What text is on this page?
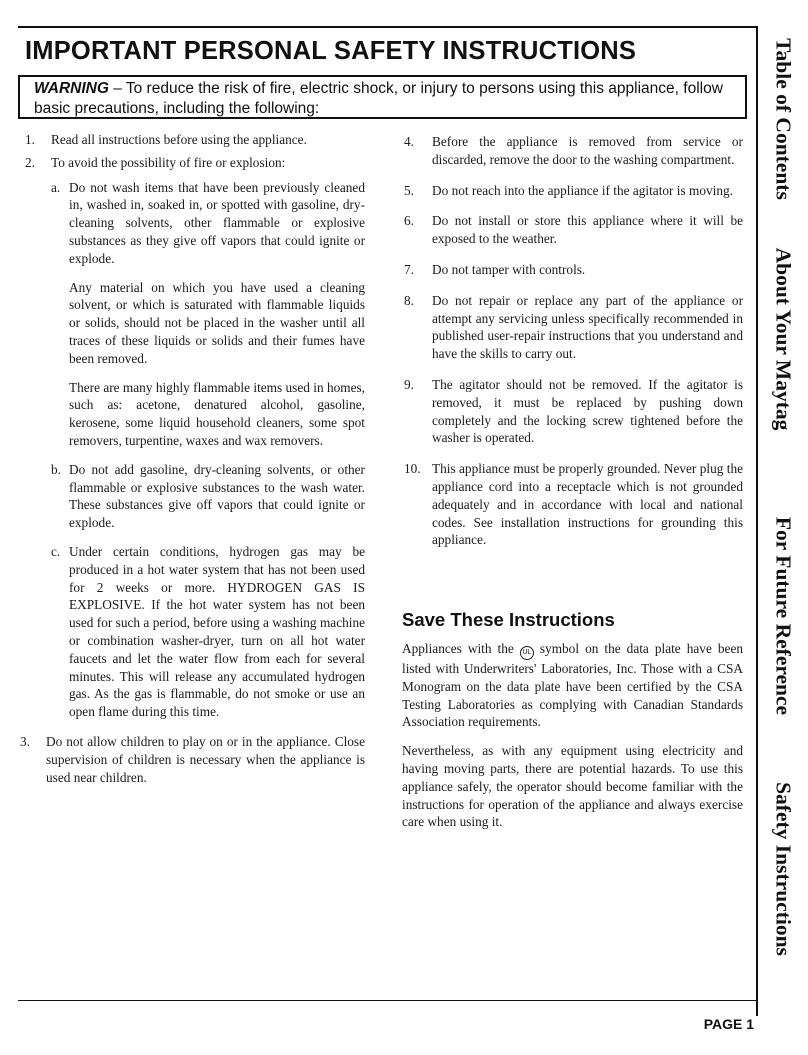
IMPORTANT PERSONAL SAFETY INSTRUCTIONS
WARNING – To reduce the risk of fire, electric shock, or injury to persons using this appliance, follow basic precautions, including the following:
1. Read all instructions before using the appliance.
2. To avoid the possibility of fire or explosion:
a. Do not wash items that have been previously cleaned in, washed in, soaked in, or spotted with gasoline, dry-cleaning solvents, other flammable or explosive substances as they give off vapors that could ignite or explode.
Any material on which you have used a cleaning solvent, or which is saturated with flammable liquids or solids, should not be placed in the washer until all traces of these liquids or solids and their fumes have been removed.
There are many highly flammable items used in homes, such as: acetone, denatured alcohol, gasoline, kerosene, some liquid household cleaners, some spot removers, turpentine, waxes and wax removers.
b. Do not add gasoline, dry-cleaning solvents, or other flammable or explosive substances to the wash water. These substances give off vapors that could ignite or explode.
c. Under certain conditions, hydrogen gas may be produced in a hot water system that has not been used for 2 weeks or more. HYDROGEN GAS IS EXPLOSIVE. If the hot water system has not been used for such a period, before using a washing machine or combination washer-dryer, turn on all hot water faucets and let the water flow from each for several minutes. This will release any accumulated hydrogen gas. As the gas is flammable, do not smoke or use an open flame during this time.
3. Do not allow children to play on or in the appliance. Close supervision of children is necessary when the appliance is used near children.
4. Before the appliance is removed from service or discarded, remove the door to the washing compartment.
5. Do not reach into the appliance if the agitator is moving.
6. Do not install or store this appliance where it will be exposed to the weather.
7. Do not tamper with controls.
8. Do not repair or replace any part of the appliance or attempt any servicing unless specifically recommended in published user-repair instructions that you understand and have the skills to carry out.
9. The agitator should not be removed. If the agitator is removed, it must be replaced by pushing down completely and the locking screw tightened before the washer is operated.
10. This appliance must be properly grounded. Never plug the appliance cord into a receptacle which is not grounded adequately and in accordance with local and national codes. See installation instructions for grounding this appliance.
Save These Instructions

Appliances with the UL symbol on the data plate have been listed with Underwriters' Laboratories, Inc. Those with a CSA Monogram on the data plate have been certified by the CSA Testing Laboratories as complying with Canadian Standards Association requirements.

Nevertheless, as with any equipment using electricity and having moving parts, there are potential hazards. To use this appliance safely, the operator should become familiar with the instructions for operation of the appliance and always exercise care when using it.

Table of Contents
About Your Maytag
For Future Reference
Safety Instructions
PAGE 1
